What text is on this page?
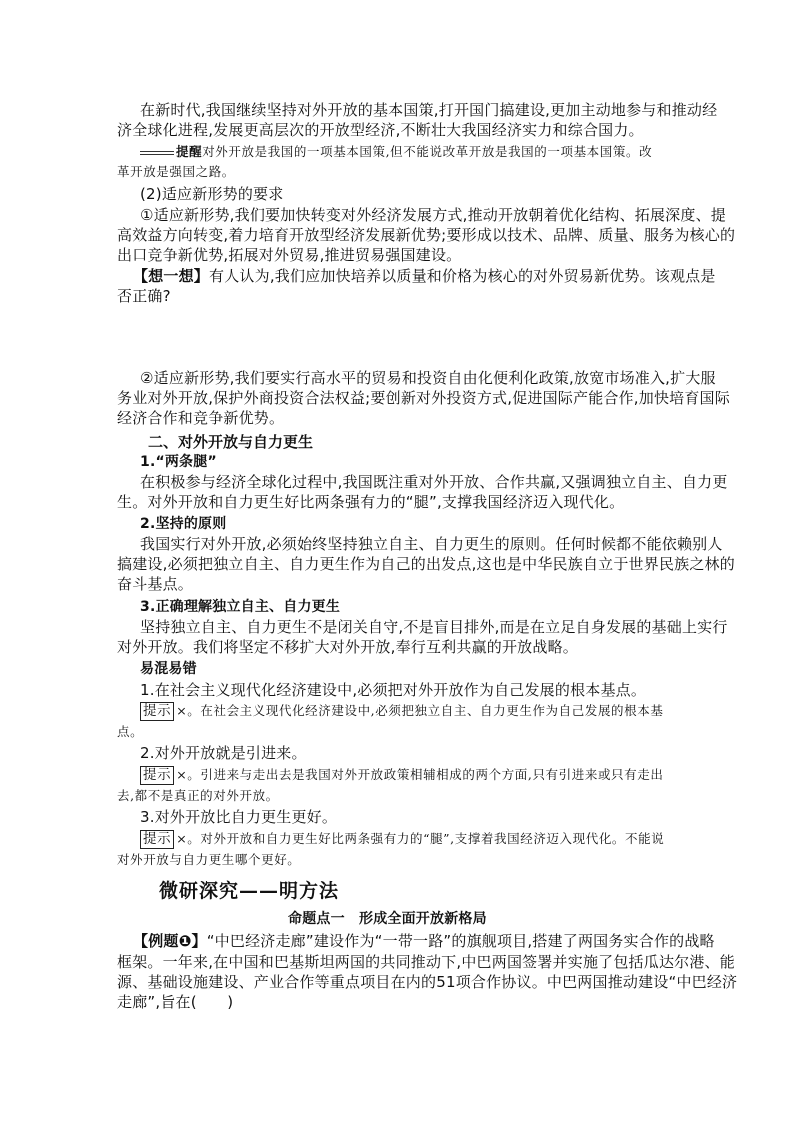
在新时代,我国继续坚持对外开放的基本国策,打开国门搞建设,更加主动地参与和推动经
济全球化进程,发展更高层次的开放型经济,不断壮大我国经济实力和综合国力。
提醒对外开放是我国的一项基本国策,但不能说改革开放是我国的一项基本国策。改
革开放是强国之路。
(2)适应新形势的要求
①适应新形势,我们要加快转变对外经济发展方式,推动开放朝着优化结构、拓展深度、提
高效益方向转变,着力培育开放型经济发展新优势;要形成以技术、品牌、质量、服务为核心的
出口竞争新优势,拓展对外贸易,推进贸易强国建设。
【想一想】有人认为,我们应加快培养以质量和价格为核心的对外贸易新优势。该观点是
否正确?
②适应新形势,我们要实行高水平的贸易和投资自由化便利化政策,放宽市场准入,扩大服
务业对外开放,保护外商投资合法权益;要创新对外投资方式,促进国际产能合作,加快培育国际
经济合作和竞争新优势。
二、对外开放与自力更生
1.“两条腿”
在积极参与经济全球化过程中,我国既注重对外开放、合作共赢,又强调独立自主、自力更
生。对外开放和自力更生好比两条强有力的“腿”,支撑我国经济迈入现代化。
2.坚持的原则
我国实行对外开放,必须始终坚持独立自主、自力更生的原则。任何时候都不能依赖别人
搞建设,必须把独立自主、自力更生作为自己的出发点,这也是中华民族自立于世界民族之林的
奋斗基点。
3.正确理解独立自主、自力更生
坚持独立自主、自力更生不是闭关自守,不是盲目排外,而是在立足自身发展的基础上实行
对外开放。我们将坚定不移扩大对外开放,奉行互利共赢的开放战略。
易混易错
1.在社会主义现代化经济建设中,必须把对外开放作为自己发展的根本基点。
提示 ×。在社会主义现代化经济建设中,必须把独立自主、自力更生作为自己发展的根本基
点。
2.对外开放就是引进来。
提示 ×。引进来与走出去是我国对外开放政策相辅相成的两个方面,只有引进来或只有走出
去,都不是真正的对外开放。
3.对外开放比自力更生更好。
提示 ×。对外开放和自力更生好比两条强有力的“腿”,支撑着我国经济迈入现代化。不能说
对外开放与自力更生哪个更好。
微研深究——明方法
命题点一　形成全面开放新格局
【例题❶】“中巴经济走廊”建设作为“一带一路”的旗舰项目,搭建了两国务实合作的战略
框架。一年来,在中国和巴基斯坦两国的共同推动下,中巴两国签署并实施了包括瓜达尔港、能
源、基础设施建设、产业合作等重点项目在内的51项合作协议。中巴两国推动建设“中巴经济
走廊”,旨在(　　)
